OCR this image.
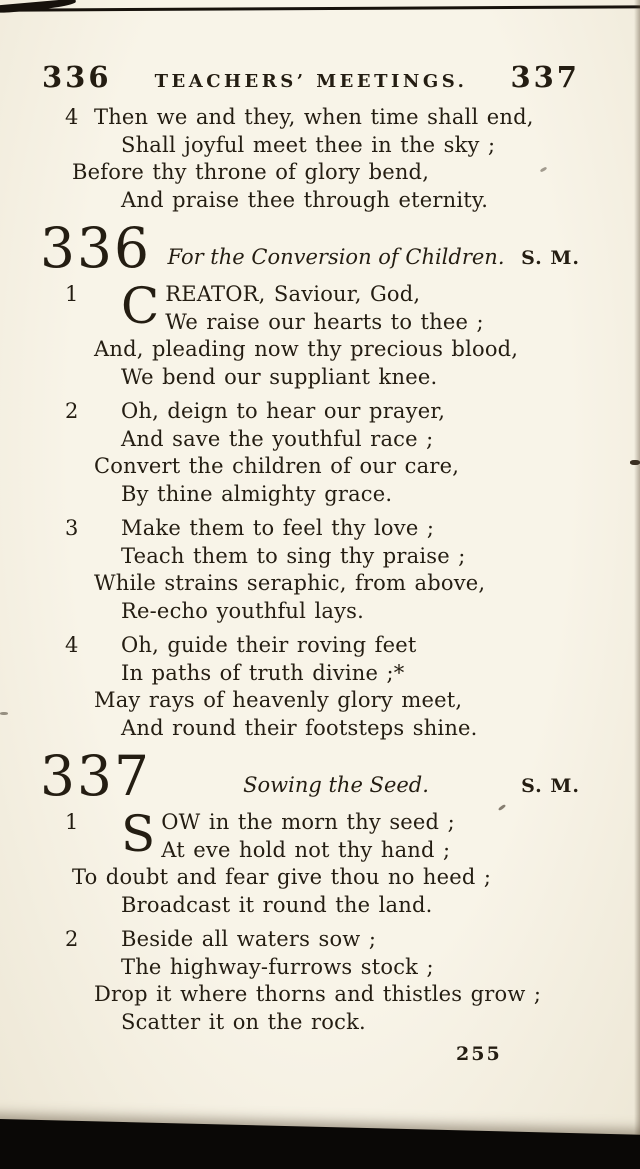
336 TEACHERS’ MEETINGS. 337
4 Then we and they, when time shall end,
Shall joyful meet thee in the sky ;
Before thy throne of glory bend,
And praise thee through eternity.
336 For the Conversion of Children. S. M.
1 C REATOR, Saviour, God,
We raise our hearts to thee ;
And, pleading now thy precious blood,
We bend our suppliant knee.
2 Oh, deign to hear our prayer,
And save the youthful race ;
Convert the children of our care,
By thine almighty grace.
3 Make them to feel thy love ;
Teach them to sing thy praise ;
While strains seraphic, from above,
Re-echo youthful lays.
4 Oh, guide their roving feet
In paths of truth divine ;*
May rays of heavenly glory meet,
And round their footsteps shine.
337	Sowing the Seed.	S. M.
1 S OW in the morn thy seed ;
At eve hold not thy hand ;
To doubt and fear give thou no heed ;
Broadcast it round the land.
2 Beside all waters sow ;
The highway-furrows stock ;
Drop it where thorns and thistles grow ;
Scatter it on the rock.
255
